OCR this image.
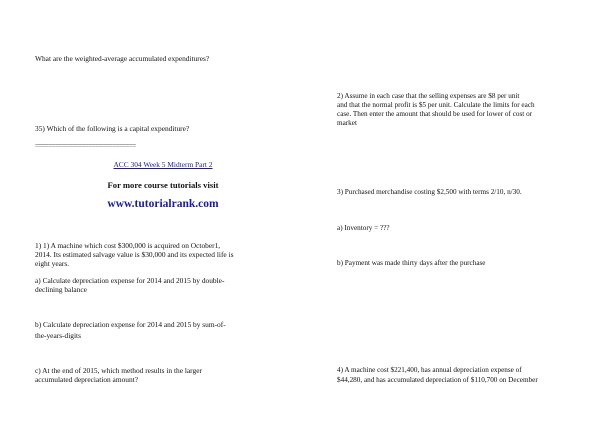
What are the weighted-average accumulated expenditures?
35) Which of the following is a capital expenditure?
==============================
ACC 304 Week 5 Midterm Part 2
For more course tutorials visit
www.tutorialrank.com
1) 1) A machine which cost $300,000 is acquired on October1,
2014. Its estimated salvage value is $30,000 and its expected life is
eight years.
a) Calculate depreciation expense for 2014 and 2015 by double-
declining balance
b) Calculate depreciation expense for 2014 and 2015 by sum-of-
the-years-digits
c) At the end of 2015, which method results in the larger
accumulated depreciation amount?
2) Assume in each case that the selling expenses are $8 per unit
and that the normal profit is $5 per unit. Calculate the limits for each
case. Then enter the amount that should be used for lower of cost or
market
3) Purchased merchandise costing $2,500 with terms 2/10, n/30.
a) Inventory = ???
b) Payment was made thirty days after the purchase
4) A machine cost $221,400, has annual depreciation expense of
$44,280, and has accumulated depreciation of $110,700 on December
